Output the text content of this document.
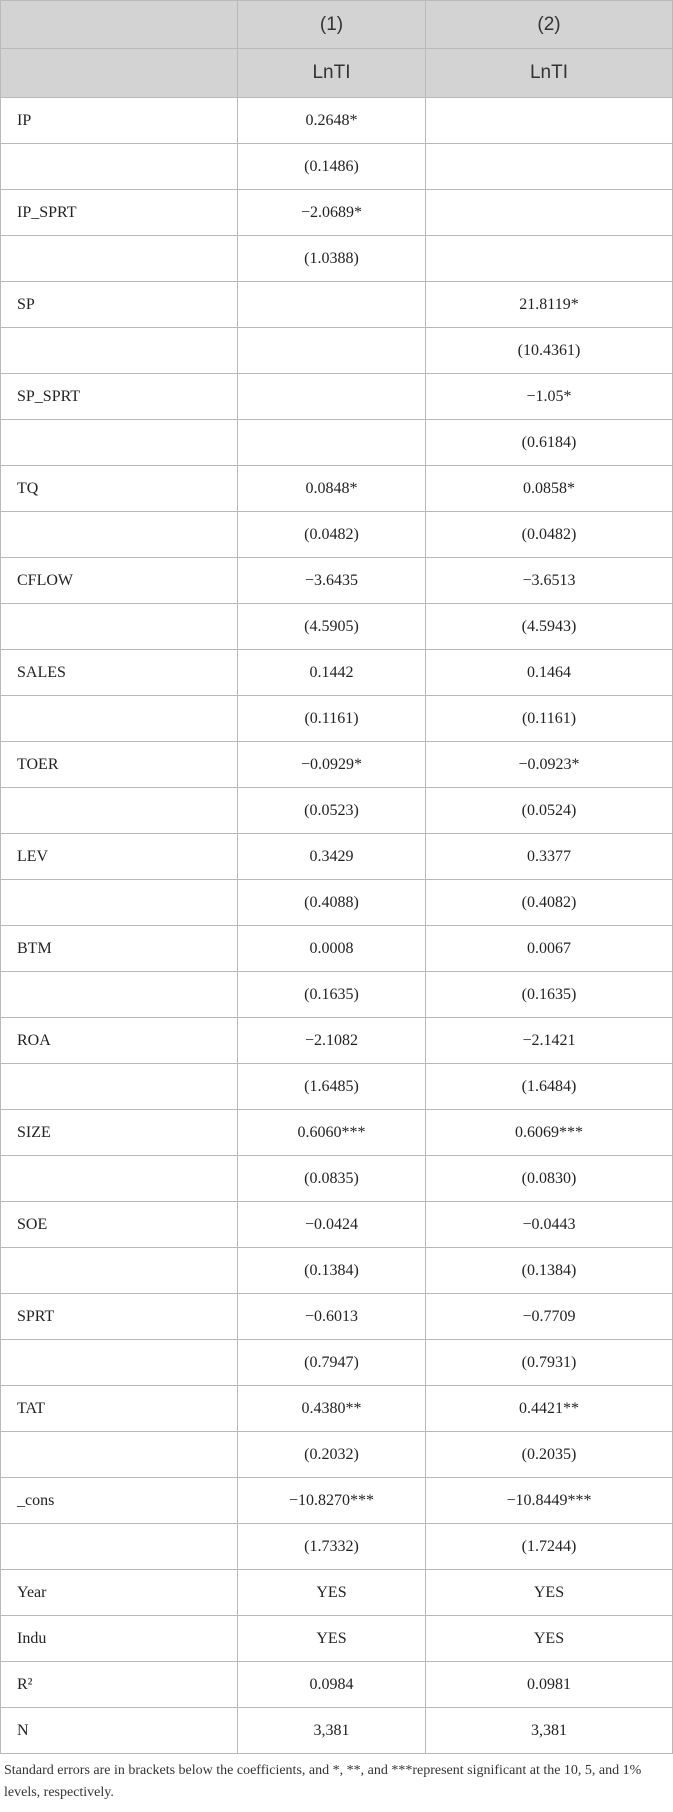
	(1)	(2)
	LnTI	LnTI
IP	0.2648*	
	(0.1486)	
IP_SPRT	−2.0689*	
	(1.0388)	
SP		21.8119*
		(10.4361)
SP_SPRT		−1.05*
		(0.6184)
TQ	0.0848*	0.0858*
	(0.0482)	(0.0482)
CFLOW	−3.6435	−3.6513
	(4.5905)	(4.5943)
SALES	0.1442	0.1464
	(0.1161)	(0.1161)
TOER	−0.0929*	−0.0923*
	(0.0523)	(0.0524)
LEV	0.3429	0.3377
	(0.4088)	(0.4082)
BTM	0.0008	0.0067
	(0.1635)	(0.1635)
ROA	−2.1082	−2.1421
	(1.6485)	(1.6484)
SIZE	0.6060***	0.6069***
	(0.0835)	(0.0830)
SOE	−0.0424	−0.0443
	(0.1384)	(0.1384)
SPRT	−0.6013	−0.7709
	(0.7947)	(0.7931)
TAT	0.4380**	0.4421**
	(0.2032)	(0.2035)
_cons	−10.8270***	−10.8449***
	(1.7332)	(1.7244)
Year	YES	YES
Indu	YES	YES
R²	0.0984	0.0981
N	3,381	3,381
Standard errors are in brackets below the coefficients, and *, **, and ***represent significant at the 10, 5, and 1% levels, respectively.
